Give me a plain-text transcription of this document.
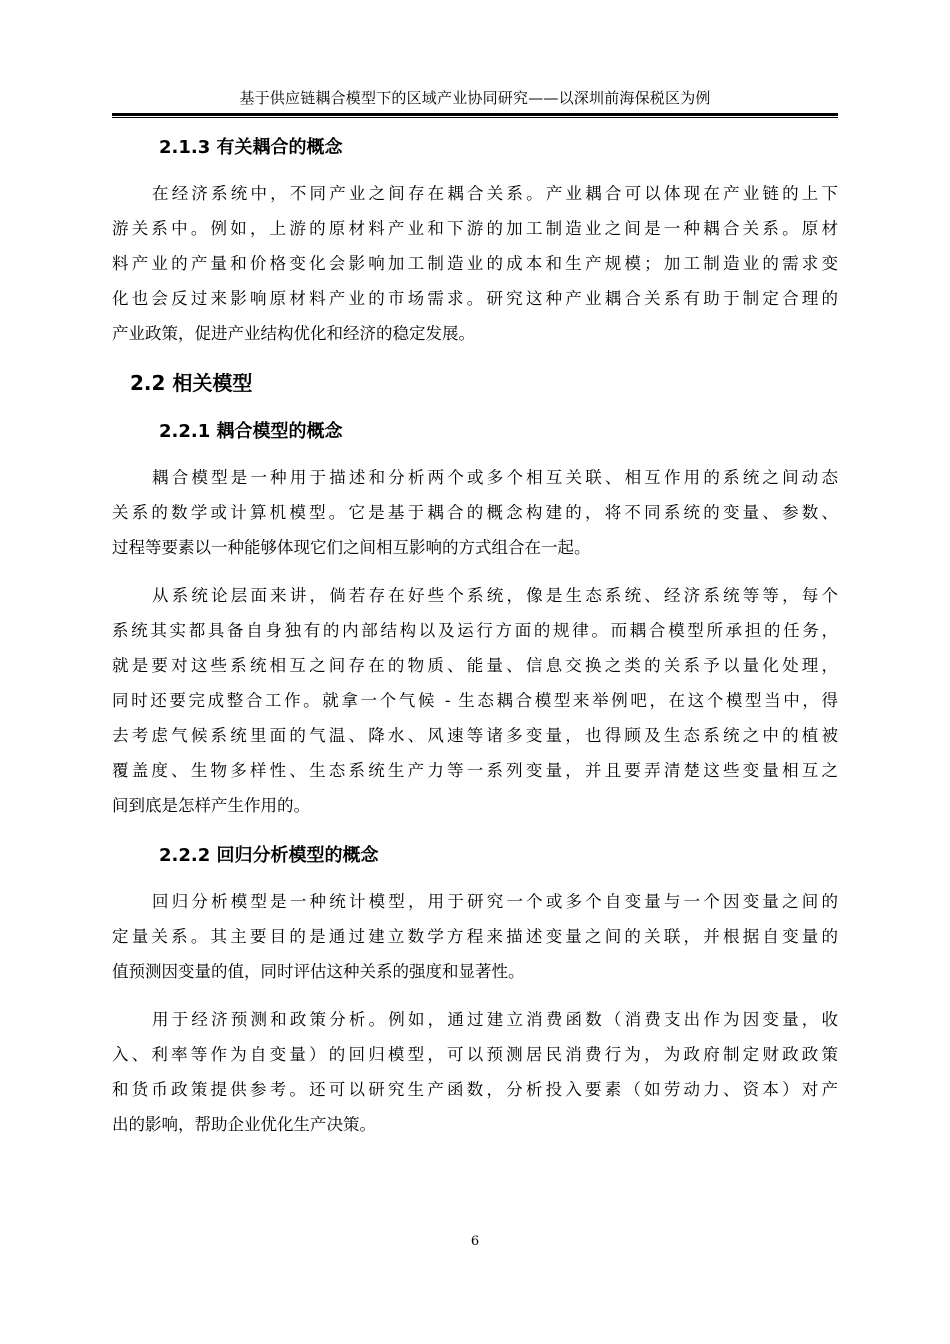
基于供应链耦合模型下的区域产业协同研究——以深圳前海保税区为例
2.1.3 有关耦合的概念
在经济系统中，不同产业之间存在耦合关系。产业耦合可以体现在产业链的上下
游关系中。例如，上游的原材料产业和下游的加工制造业之间是一种耦合关系。原材
料产业的产量和价格变化会影响加工制造业的成本和生产规模；加工制造业的需求变
化也会反过来影响原材料产业的市场需求。研究这种产业耦合关系有助于制定合理的
产业政策，促进产业结构优化和经济的稳定发展。
2.2 相关模型
2.2.1 耦合模型的概念
耦合模型是一种用于描述和分析两个或多个相互关联、相互作用的系统之间动态
关系的数学或计算机模型。它是基于耦合的概念构建的，将不同系统的变量、参数、
过程等要素以一种能够体现它们之间相互影响的方式组合在一起。
从系统论层面来讲，倘若存在好些个系统，像是生态系统、经济系统等等，每个
系统其实都具备自身独有的内部结构以及运行方面的规律。而耦合模型所承担的任务，
就是要对这些系统相互之间存在的物质、能量、信息交换之类的关系予以量化处理，
同时还要完成整合工作。就拿一个气候 - 生态耦合模型来举例吧，在这个模型当中，得
去考虑气候系统里面的气温、降水、风速等诸多变量，也得顾及生态系统之中的植被
覆盖度、生物多样性、生态系统生产力等一系列变量，并且要弄清楚这些变量相互之
间到底是怎样产生作用的。
2.2.2 回归分析模型的概念
回归分析模型是一种统计模型，用于研究一个或多个自变量与一个因变量之间的
定量关系。其主要目的是通过建立数学方程来描述变量之间的关联，并根据自变量的
值预测因变量的值，同时评估这种关系的强度和显著性。
用于经济预测和政策分析。例如，通过建立消费函数（消费支出作为因变量，收
入、利率等作为自变量）的回归模型，可以预测居民消费行为，为政府制定财政政策
和货币政策提供参考。还可以研究生产函数，分析投入要素（如劳动力、资本）对产
出的影响，帮助企业优化生产决策。
6
